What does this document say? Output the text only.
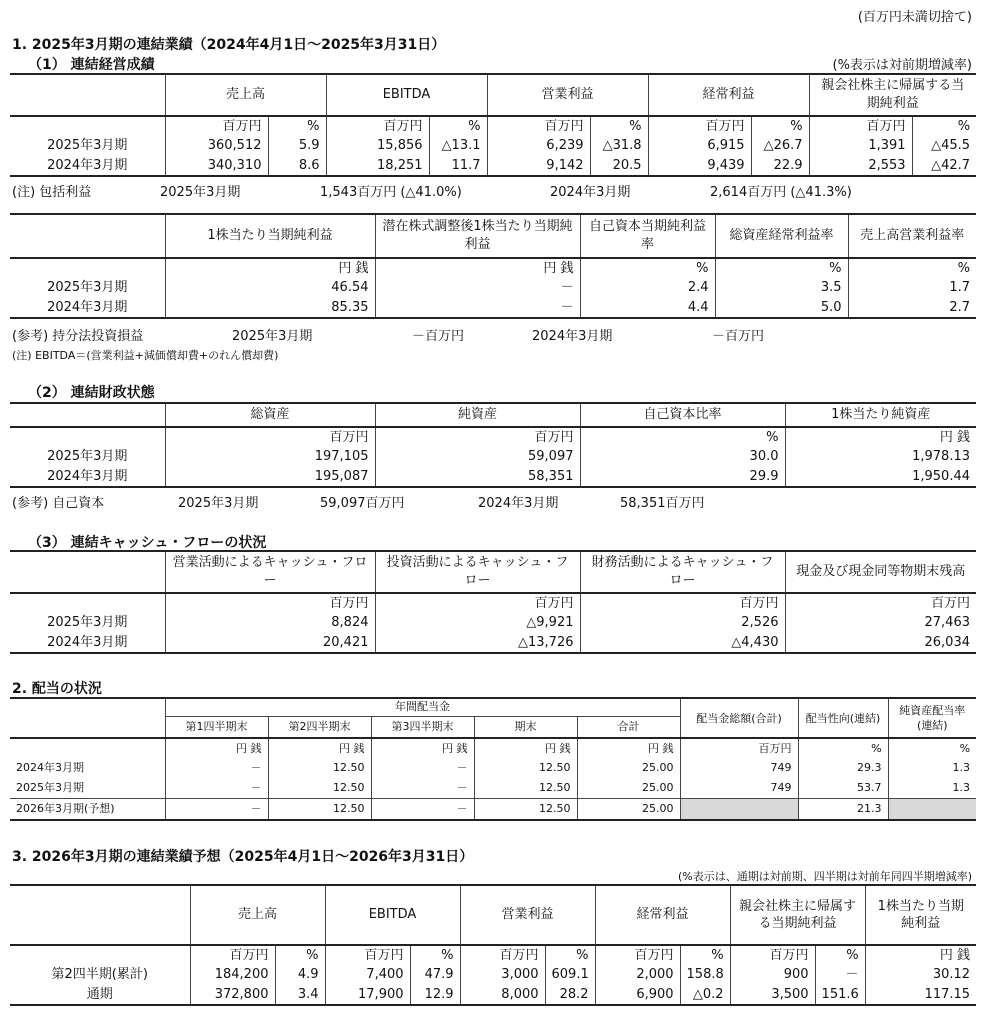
(百万円未満切捨て)
1. 2025年3月期の連結業績（2024年4月1日～2025年3月31日）
（1） 連結経営成績	(%表示は対前期増減率)
	売上高		EBITDA		営業利益		経常利益		親会社株主に帰属する当期純利益	
	百万円	%	百万円	%	百万円	%	百万円	%	百万円	%
2025年3月期	360,512	5.9	15,856	△13.1	6,239	△31.8	6,915	△26.7	1,391	△45.5
2024年3月期	340,310	8.6	18,251	11.7	9,142	20.5	9,439	22.9	2,553	△42.7
(注) 包括利益	2025年3月期	1,543百万円 (△41.0%)	2024年3月期	2,614百万円 (△41.3%)
	1株当たり当期純利益	潜在株式調整後1株当たり当期純利益	自己資本当期純利益率	総資産経常利益率	売上高営業利益率
	円 銭	円 銭	%	%	%
2025年3月期	46.54	－	2.4	3.5	1.7
2024年3月期	85.35	－	4.4	5.0	2.7
(参考) 持分法投資損益	2025年3月期	－百万円	2024年3月期	－百万円
(注) EBITDA＝(営業利益+減価償却費+のれん償却費)
（2） 連結財政状態
	総資産	純資産	自己資本比率	1株当たり純資産
	百万円	百万円	%	円 銭
2025年3月期	197,105	59,097	30.0	1,978.13
2024年3月期	195,087	58,351	29.9	1,950.44
(参考) 自己資本	2025年3月期	59,097百万円	2024年3月期	58,351百万円
（3） 連結キャッシュ・フローの状況
	営業活動によるキャッシュ・フロー	投資活動によるキャッシュ・フロー	財務活動によるキャッシュ・フロー	現金及び現金同等物期末残高
	百万円	百万円	百万円	百万円
2025年3月期	8,824	△9,921	2,526	27,463
2024年3月期	20,421	△13,726	△4,430	26,034
2. 配当の状況
	年間配当金					配当金総額(合計)	配当性向(連結)	純資産配当率(連結)
	第1四半期末	第2四半期末	第3四半期末	期末	合計			
	円 銭	円 銭	円 銭	円 銭	円 銭	百万円	%	%
2024年3月期	－	12.50	－	12.50	25.00	749	29.3	1.3
2025年3月期	－	12.50	－	12.50	25.00	749	53.7	1.3
2026年3月期(予想)	－	12.50	－	12.50	25.00		21.3	
3. 2026年3月期の連結業績予想（2025年4月1日～2026年3月31日）
(%表示は、通期は対前期、四半期は対前年同四半期増減率)
	売上高		EBITDA		営業利益		経常利益		親会社株主に帰属する当期純利益		1株当たり当期純利益
	百万円	%	百万円	%	百万円	%	百万円	%	百万円	%	円 銭
第2四半期(累計)	184,200	4.9	7,400	47.9	3,000	609.1	2,000	158.8	900	－	30.12
通期	372,800	3.4	17,900	12.9	8,000	28.2	6,900	△0.2	3,500	151.6	117.15
